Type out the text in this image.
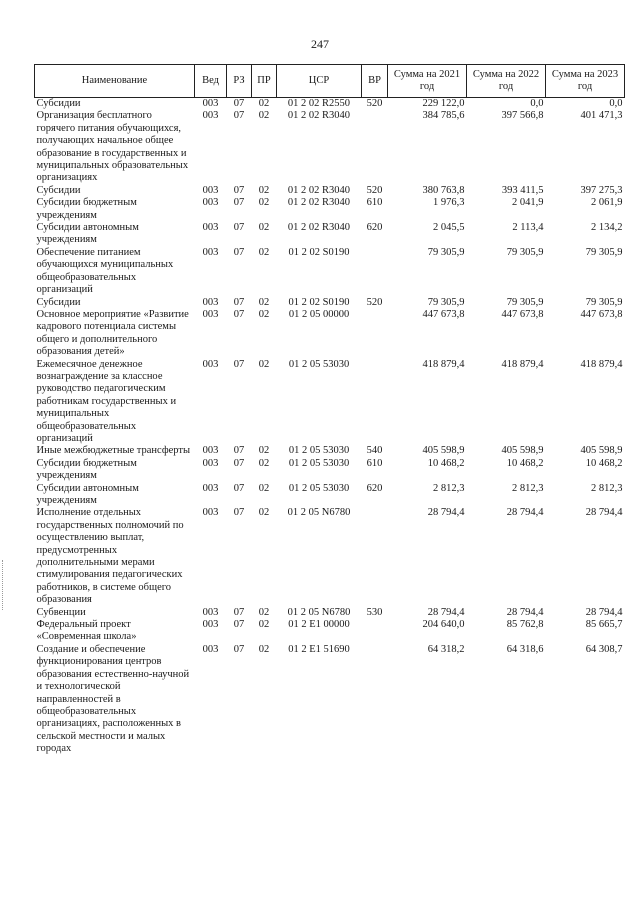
247
Наименование	Вед	РЗ	ПР	ЦСР	ВР	Сумма на 2021 год	Сумма на 2022 год	Сумма на 2023 год
Субсидии	003	07	02	01 2 02 R2550	520	229 122,0	0,0	0,0
Организация бесплатного горячего питания обучающихся, получающих начальное общее образование в государственных и муниципальных образовательных организациях	003	07	02	01 2 02 R3040		384 785,6	397 566,8	401 471,3
Субсидии	003	07	02	01 2 02 R3040	520	380 763,8	393 411,5	397 275,3
Субсидии бюджетным учреждениям	003	07	02	01 2 02 R3040	610	1 976,3	2 041,9	2 061,9
Субсидии автономным учреждениям	003	07	02	01 2 02 R3040	620	2 045,5	2 113,4	2 134,2
Обеспечение питанием обучающихся муниципальных общеобразовательных организаций	003	07	02	01 2 02 S0190		79 305,9	79 305,9	79 305,9
Субсидии	003	07	02	01 2 02 S0190	520	79 305,9	79 305,9	79 305,9
Основное мероприятие «Развитие кадрового потенциала системы общего и дополнительного образования детей»	003	07	02	01 2 05 00000		447 673,8	447 673,8	447 673,8
Ежемесячное денежное вознаграждение за классное руководство педагогическим работникам государственных и муниципальных общеобразовательных организаций	003	07	02	01 2 05 53030		418 879,4	418 879,4	418 879,4
Иные межбюджетные трансферты	003	07	02	01 2 05 53030	540	405 598,9	405 598,9	405 598,9
Субсидии бюджетным учреждениям	003	07	02	01 2 05 53030	610	10 468,2	10 468,2	10 468,2
Субсидии автономным учреждениям	003	07	02	01 2 05 53030	620	2 812,3	2 812,3	2 812,3
Исполнение отдельных государственных полномочий по осуществлению выплат, предусмотренных дополнительными мерами стимулирования педагогических работников, в системе общего образования	003	07	02	01 2 05 N6780		28 794,4	28 794,4	28 794,4
Субвенции	003	07	02	01 2 05 N6780	530	28 794,4	28 794,4	28 794,4
Федеральный проект «Современная школа»	003	07	02	01 2 E1 00000		204 640,0	85 762,8	85 665,7
Создание и обеспечение функционирования центров образования естественно-научной и технологической направленностей в общеобразовательных организациях, расположенных в сельской местности и малых городах	003	07	02	01 2 E1 51690		64 318,2	64 318,6	64 308,7
